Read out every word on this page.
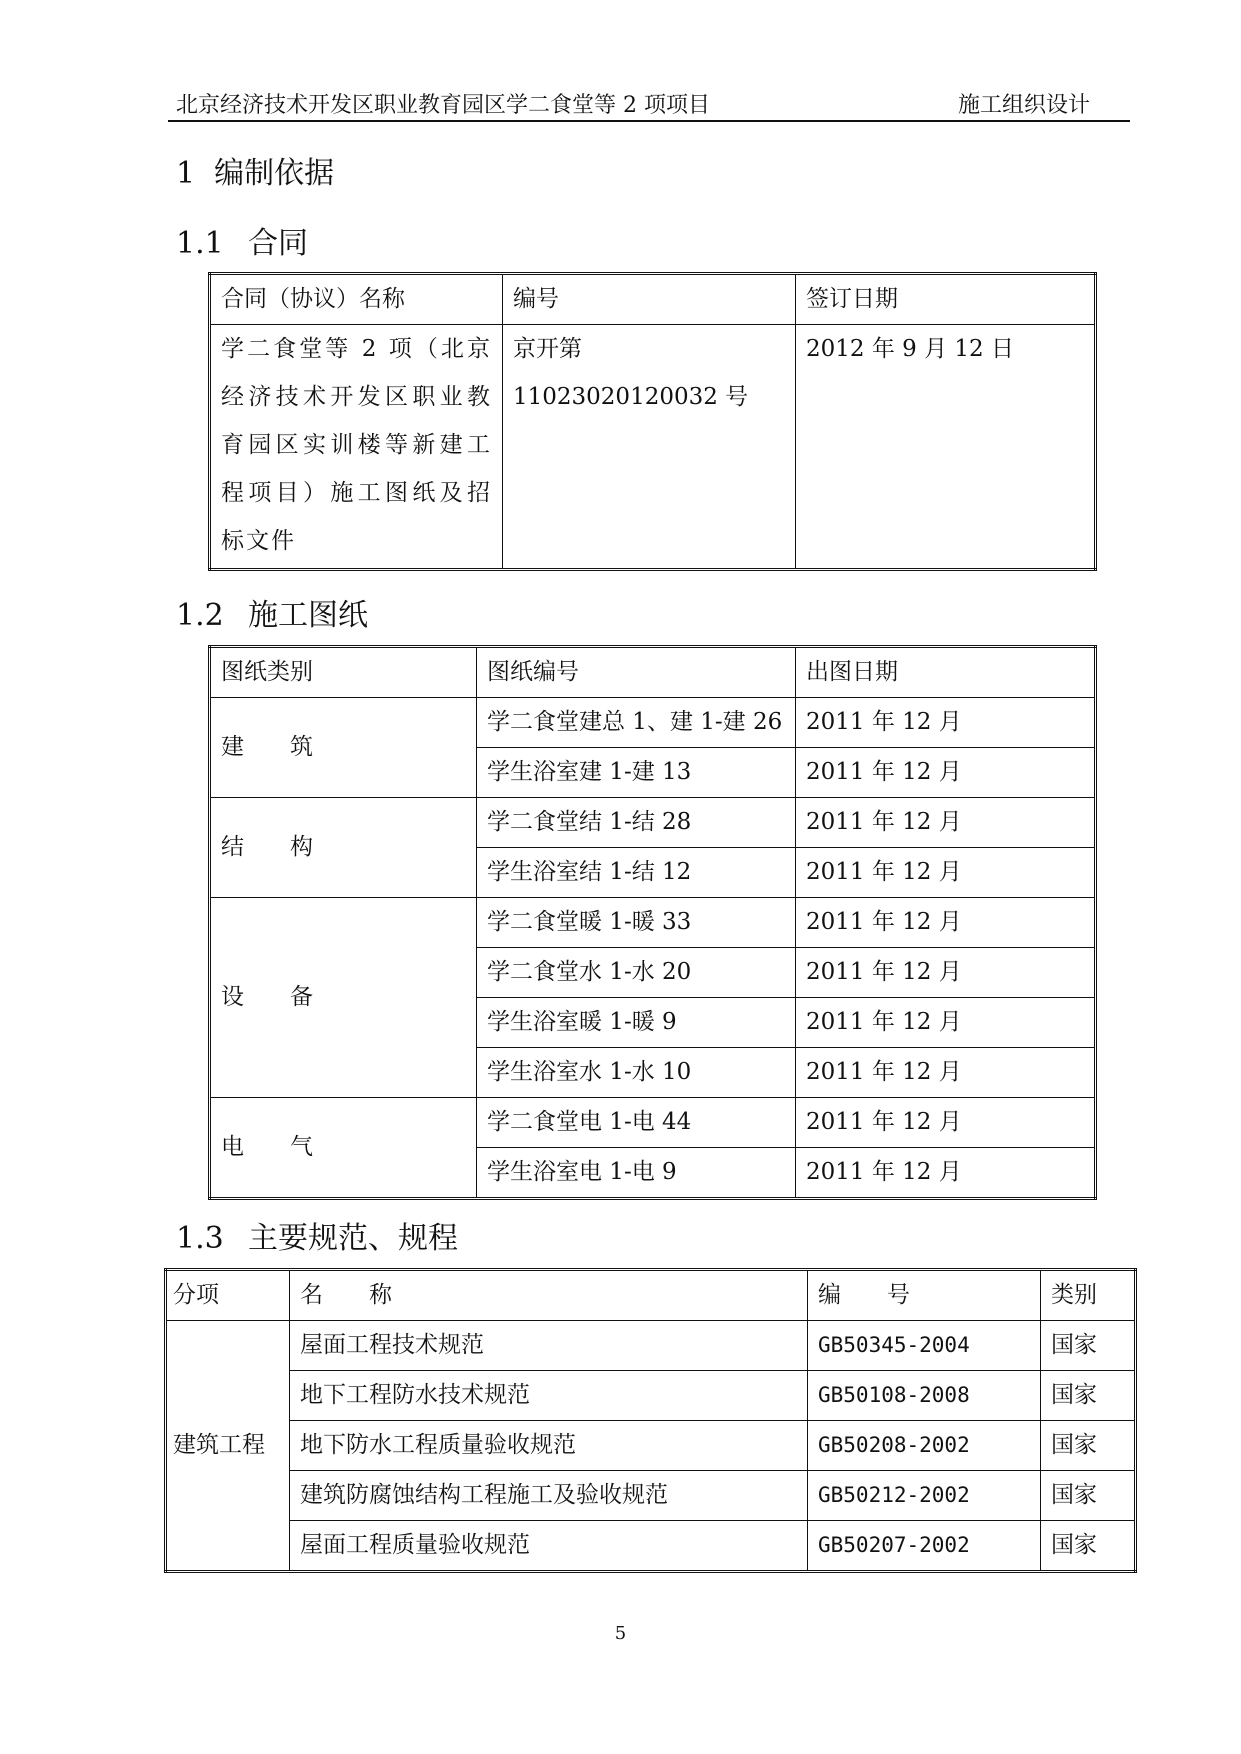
北京经济技术开发区职业教育园区学二食堂等 2 项项目	施工组织设计
1 编制依据
1.1 合同
合同（协议）名称	编号	签订日期
学二食堂等 2 项（北京经济技术开发区职业教育园区实训楼等新建工程项目）施工图纸及招标文件	京开第 11023020120032 号	2012 年 9 月 12 日
1.2 施工图纸
图纸类别	图纸编号	出图日期
建　　筑	学二食堂建总 1、建 1-建 26	2011 年 12 月
	学生浴室建 1-建 13	2011 年 12 月
结　　构	学二食堂结 1-结 28	2011 年 12 月
	学生浴室结 1-结 12	2011 年 12 月
设　　备	学二食堂暖 1-暖 33	2011 年 12 月
	学二食堂水 1-水 20	2011 年 12 月
	学生浴室暖 1-暖 9	2011 年 12 月
	学生浴室水 1-水 10	2011 年 12 月
电　　气	学二食堂电 1-电 44	2011 年 12 月
	学生浴室电 1-电 9	2011 年 12 月
1.3 主要规范、规程
分项	名　　称	编　　号	类别
建筑工程	屋面工程技术规范	GB50345-2004	国家
	地下工程防水技术规范	GB50108-2008	国家
	地下防水工程质量验收规范	GB50208-2002	国家
	建筑防腐蚀结构工程施工及验收规范	GB50212-2002	国家
	屋面工程质量验收规范	GB50207-2002	国家
5
